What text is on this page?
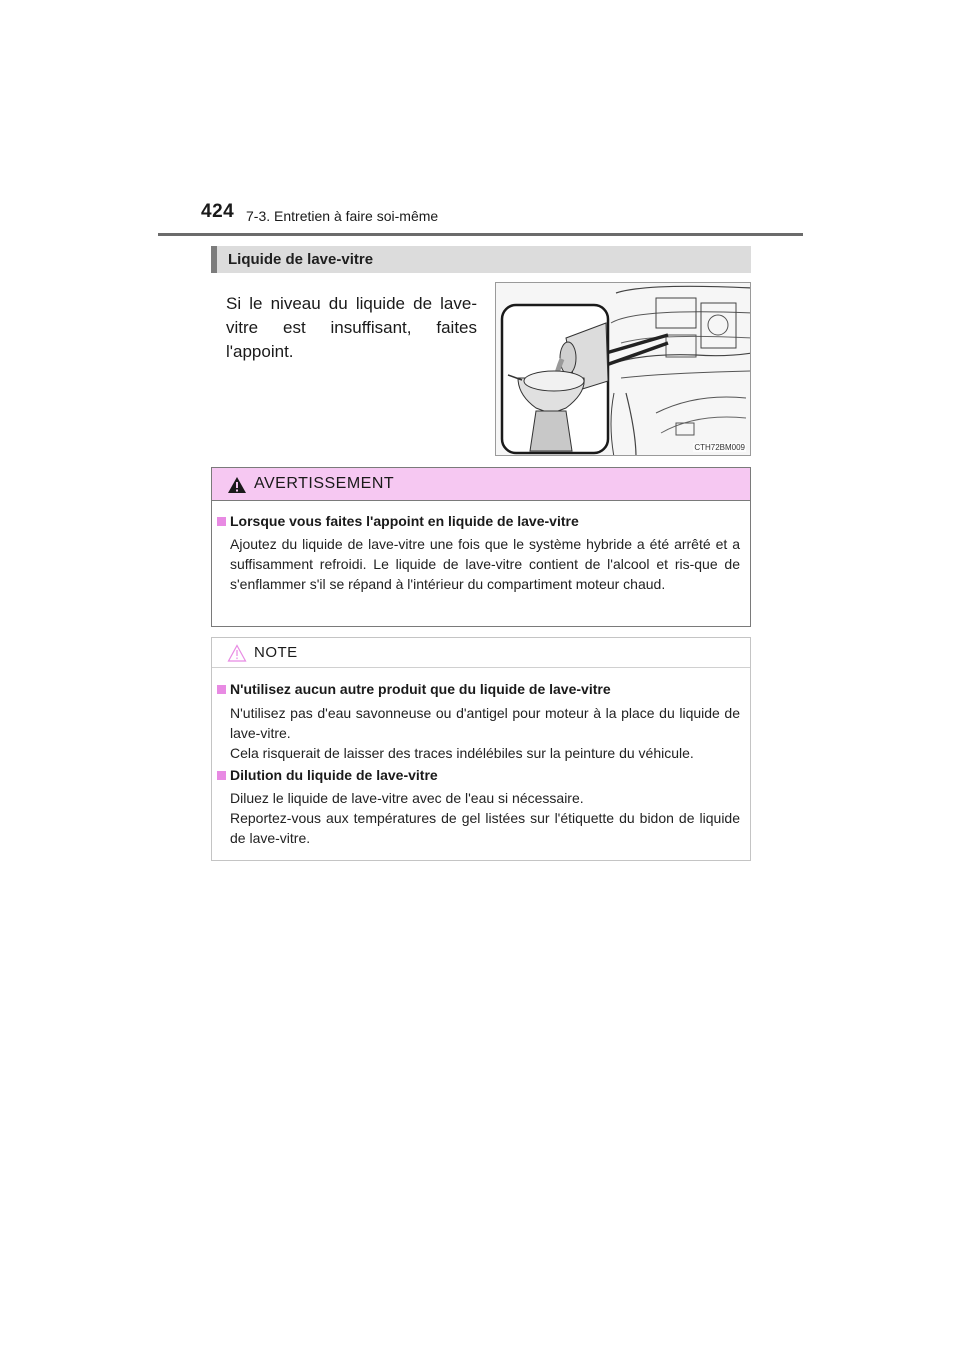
424 7-3. Entretien à faire soi-même
Liquide de lave-vitre
Si le niveau du liquide de lave-vitre est insuffisant, faites l'appoint.
CTH72BM009
AVERTISSEMENT
Lorsque vous faites l'appoint en liquide de lave-vitre

Ajoutez du liquide de lave-vitre une fois que le système hybride a été arrêté et a suffisamment refroidi. Le liquide de lave-vitre contient de l'alcool et ris-que de s'enflammer s'il se répand à l'intérieur du compartiment moteur chaud.

NOTE
N'utilisez aucun autre produit que du liquide de lave-vitre

N'utilisez pas d'eau savonneuse ou d'antigel pour moteur à la place du liquide de lave-vitre.

Cela risquerait de laisser des traces indélébiles sur la peinture du véhicule.

Dilution du liquide de lave-vitre

Diluez le liquide de lave-vitre avec de l'eau si nécessaire.

Reportez-vous aux températures de gel listées sur l'étiquette du bidon de liquide de lave-vitre.
